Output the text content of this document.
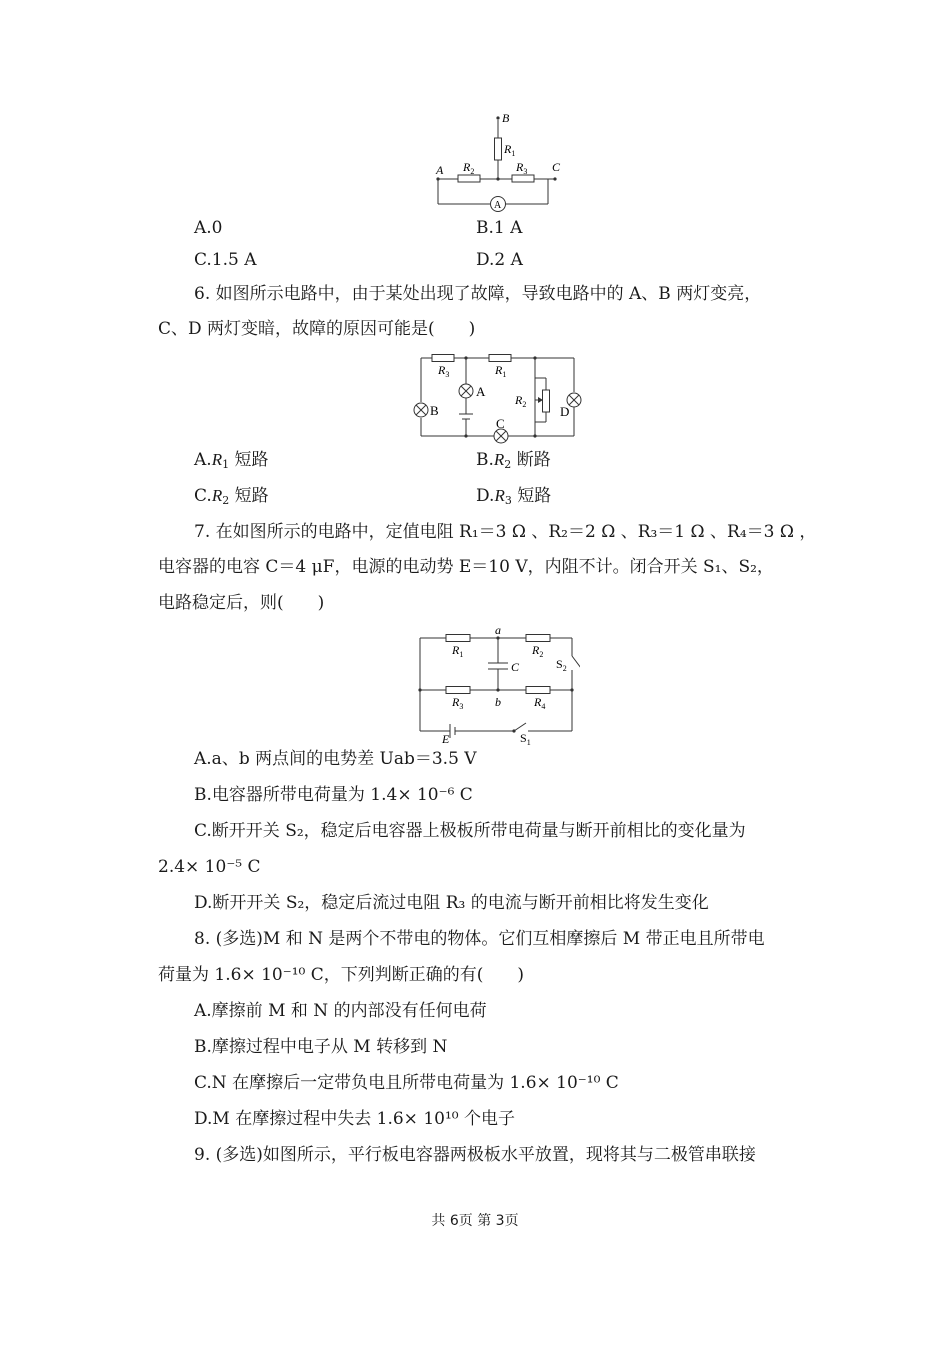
B
$R_1$
A $R_2$	$R_3$ C
A
A.0	B.1 A
C.1.5 A	D.2 A
6. 如图所示电路中，由于某处出现了故障，导致电路中的 A、B 两灯变亮，
C、D 两灯变暗，故障的原因可能是(　　)
$R_3$	$R_1$
$R_2$
A
B
C
D
$A.R_1$ 短路	$B.R_2$ 断路
$C.R_2$ 短路	$D.R_3$ 短路
7. 在如图所示的电路中，定值电阻 R₁＝3 Ω 、R₂＝2 Ω 、R₃＝1 Ω 、R₄＝3 Ω ，
电容器的电容 C＝4 μF，电源的电动势 E＝10 V，内阻不计。闭合开关 S₁、S₂，
电路稳定后，则(　　)
a
b
$R_1$	$R_2$
$R_3$	$R_4$
C	$S_2$
E	$S_1$
A.a、b 两点间的电势差 Uab＝3.5 V
B.电容器所带电荷量为 1.4× 10⁻⁶ C
C.断开开关 S₂，稳定后电容器上极板所带电荷量与断开前相比的变化量为
2.4× 10⁻⁵ C
D.断开开关 S₂，稳定后流过电阻 R₃ 的电流与断开前相比将发生变化
8. (多选)M 和 N 是两个不带电的物体。它们互相摩擦后 M 带正电且所带电
荷量为 1.6× 10⁻¹⁰ C，下列判断正确的有(　　)
A.摩擦前 M 和 N 的内部没有任何电荷
B.摩擦过程中电子从 M 转移到 N
C.N 在摩擦后一定带负电且所带电荷量为 1.6× 10⁻¹⁰ C
D.M 在摩擦过程中失去 1.6× 10¹⁰ 个电子
9. (多选)如图所示，平行板电容器两极板水平放置，现将其与二极管串联接
共 6页 第 3页
